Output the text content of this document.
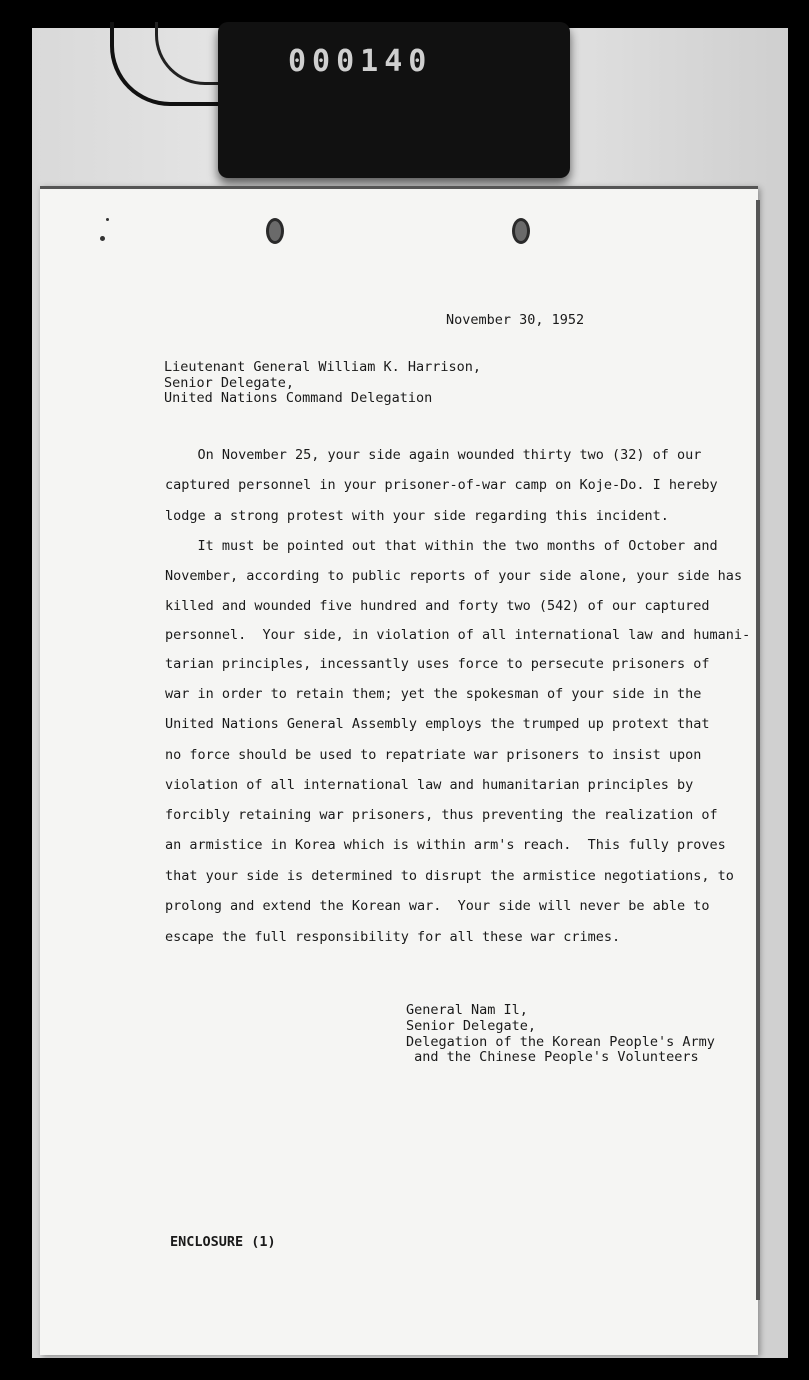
000140
November 30, 1952
Lieutenant General William K. Harrison,
Senior Delegate,
United Nations Command Delegation
On November 25, your side again wounded thirty two (32) of our
captured personnel in your prisoner-of-war camp on Koje-Do. I hereby
lodge a strong protest with your side regarding this incident.
It must be pointed out that within the two months of October and
November, according to public reports of your side alone, your side has
killed and wounded five hundred and forty two (542) of our captured
personnel.  Your side, in violation of all international law and humani-
tarian principles, incessantly uses force to persecute prisoners of
war in order to retain them; yet the spokesman of your side in the
United Nations General Assembly employs the trumped up protext that
no force should be used to repatriate war prisoners to insist upon
violation of all international law and humanitarian principles by
forcibly retaining war prisoners, thus preventing the realization of
an armistice in Korea which is within arm's reach.  This fully proves
that your side is determined to disrupt the armistice negotiations, to
prolong and extend the Korean war.  Your side will never be able to
escape the full responsibility for all these war crimes.
General Nam Il,
Senior Delegate,
Delegation of the Korean People's Army
and the Chinese People's Volunteers
ENCLOSURE (1)
